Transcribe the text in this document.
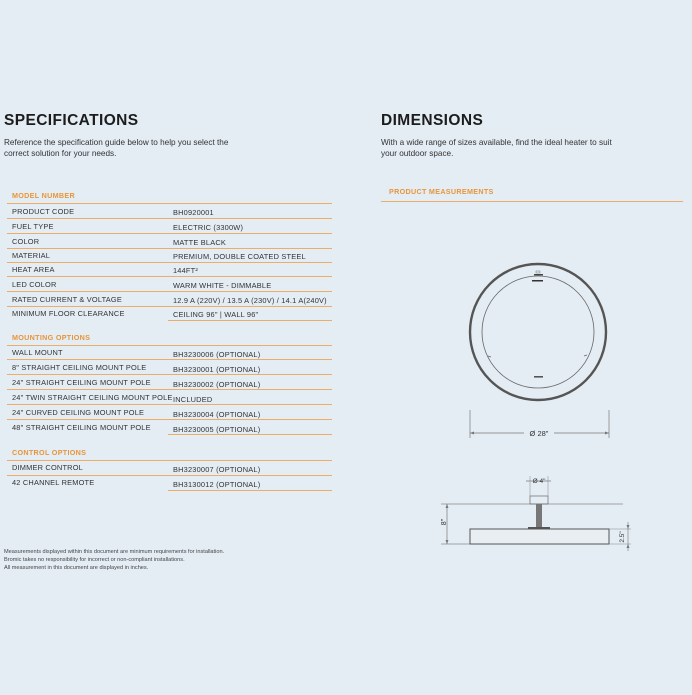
SPECIFICATIONS
Reference the specification guide below to help you select the
correct solution for your needs.
MODEL NUMBER
PRODUCT CODE	BH0920001
FUEL TYPE	ELECTRIC (3300W)
COLOR	MATTE BLACK
MATERIAL	PREMIUM, DOUBLE COATED STEEL
HEAT AREA	144FT²
LED COLOR	WARM WHITE - DIMMABLE
RATED CURRENT & VOLTAGE	12.9 A (220V) / 13.5 A (230V) / 14.1 A(240V)
MINIMUM FLOOR CLEARANCE	CEILING 96" | WALL 96"
MOUNTING OPTIONS
WALL MOUNT	BH3230006 (OPTIONAL)
8" STRAIGHT CEILING MOUNT POLE	BH3230001 (OPTIONAL)
24" STRAIGHT CEILING MOUNT POLE	BH3230002 (OPTIONAL)
24" TWIN STRAIGHT CEILING MOUNT POLE INCLUDED
24" CURVED CEILING MOUNT POLE	BH3230004 (OPTIONAL)
48" STRAIGHT CEILING MOUNT POLE	BH3230005 (OPTIONAL)
CONTROL OPTIONS
DIMMER CONTROL	BH3230007 (OPTIONAL)
42 CHANNEL REMOTE	BH3130012 (OPTIONAL)
Measurements displayed within this document are minimum requirements for installation.
Bromic takes no responsibility for incorrect or non-compliant installations.
All measurement in this document are displayed in inches.
DIMENSIONS
With a wide range of sizes available, find the ideal heater to suit
your outdoor space.
PRODUCT MEASUREMENTS
Ø 28"
8"
Ø 4"
2.5"
